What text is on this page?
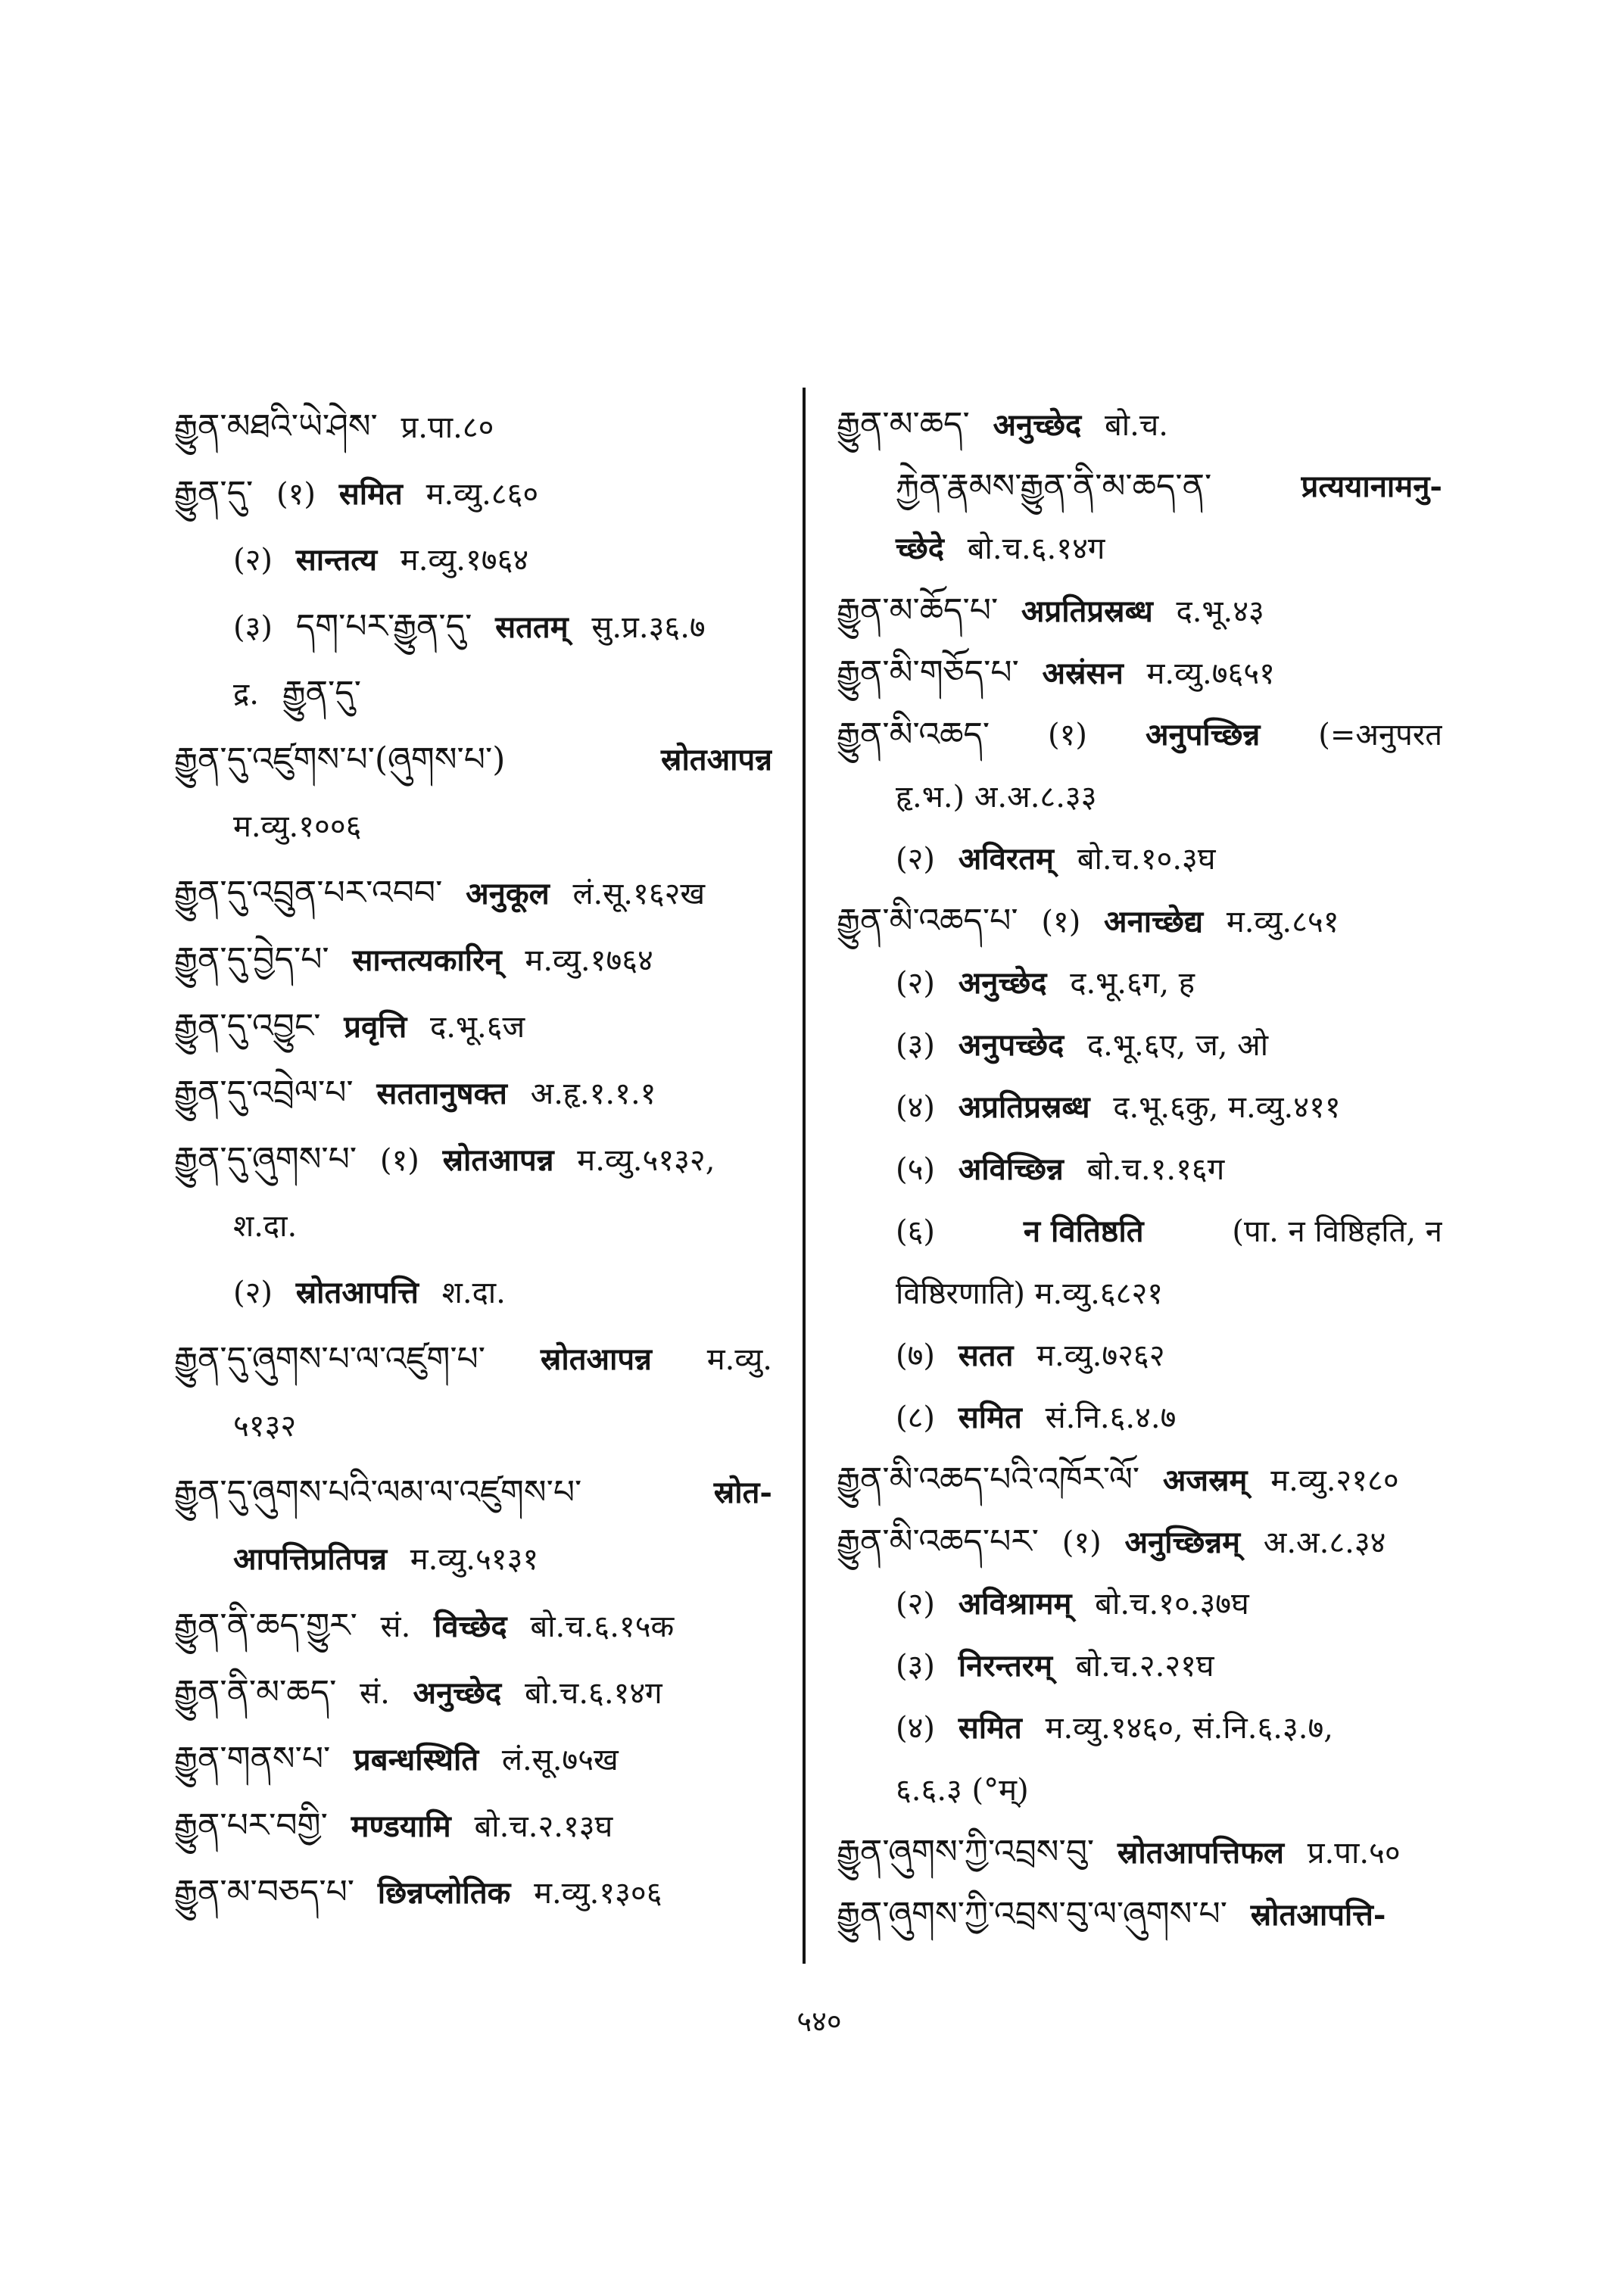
རྒྱུན་མཐའི་ཡེ་ཤེས་ प्र.पा.८०
རྒྱུན་དུ་ (१) समित म.व्यु.८६०
(२) सान्तत्य म.व्यु.१७६४
(३) དག་པར་རྒྱུན་དུ་ सततम् सु.प्र.३६.७
द्र. རྒྱུན་དུ་
རྒྱུན་དུ་འཛུགས་པ་(ཞུགས་པ་)	स्रोतआपन्न
म.व्यु.१००६
རྒྱུན་དུ་འབྲུན་པར་འབབ་ अनुकूल लं.सू.१६२ख
རྒྱུན་དུ་བྱེད་པ་ सान्तत्यकारिन् म.व्यु.१७६४
རྒྱུན་དུ་འབྱུང་ प्रवृत्ति द.भू.६ज
རྒྱུན་དུ་འབྲེལ་པ་ सततानुषक्त अ.हृ.१.१.१
རྒྱུན་དུ་ཞུགས་པ་ (१) स्रोतआपन्न म.व्यु.५१३२,
श.दा.
(२) स्रोतआपत्ति श.दा.
རྒྱུན་དུ་ཞུགས་པ་ལ་འཛུག་པ་ स्रोतआपन्न म.व्यु.
५१३२
རྒྱུན་དུ་ཞུགས་པའི་ལམ་ལ་འཛུགས་པ་	स्रोत-
आपत्तिप्रतिपन्न म.व्यु.५१३१
རྒྱུན་ནི་ཆད་གྱུར་ सं. विच्छेद बो.च.६.१५क
རྒྱུན་ནི་མ་ཆད་ सं. अनुच्छेद बो.च.६.१४ग
རྒྱུན་གནས་པ་ प्रबन्धस्थिति लं.सू.७५ख
རྒྱུན་པར་བགྱི་ मण्डयामि बो.च.२.१३घ
རྒྱུན་མ་བཅད་པ་ छिन्नप्लोतिक म.व्यु.१३०६
རྒྱུན་མ་ཆད་ अनुच्छेद बो.च.
རྐྱེན་རྣམས་རྒྱུན་ནི་མ་ཆད་ན་	प्रत्ययानामनु-
च्छेदे बो.च.६.१४ग
རྒྱུན་མ་ཆོད་པ་ अप्रतिप्रस्रब्ध द.भू.४३
རྒྱུན་མི་གཅོད་པ་ अस्रंसन म.व्यु.७६५१
རྒྱུན་མི་འཆད་ (१) अनुपच्छिन्न (=अनुपरत
हृ.भ.) अ.अ.८.३३
(२) अविरतम् बो.च.१०.३घ
རྒྱུན་མི་འཆད་པ་ (१) अनाच्छेद्य म.व्यु.८५१
(२) अनुच्छेद द.भू.६ग, ह
(३) अनुपच्छेद द.भू.६ए, ज, ओ
(४) अप्रतिप्रस्रब्ध द.भू.६कु, म.व्यु.४११
(५) अविच्छिन्न बो.च.१.१६ग
(६)	न वितिष्ठति	(पा. न विष्ठिहति, न
विष्ठिरणाति) म.व्यु.६८२१
(७) सतत म.व्यु.७२६२
(८) समित सं.नि.६.४.७
རྒྱུན་མི་འཆད་པའི་འཁོར་ལོ་ अजस्रम् म.व्यु.२१८०
རྒྱུན་མི་འཆད་པར་ (१) अनुच्छिन्नम् अ.अ.८.३४
(२) अविश्रामम् बो.च.१०.३७घ
(३) निरन्तरम् बो.च.२.२१घ
(४) समित म.व्यु.१४६०, सं.नि.६.३.७,
६.६.३ (°म्)
རྒྱུན་ཞུགས་ཀྱི་འབྲས་བུ་ स्रोतआपत्तिफल प्र.पा.५०
རྒྱུན་ཞུགས་ཀྱི་འབྲས་བུ་ལ་ཞུགས་པ་ स्रोतआपत्ति-
५४०
